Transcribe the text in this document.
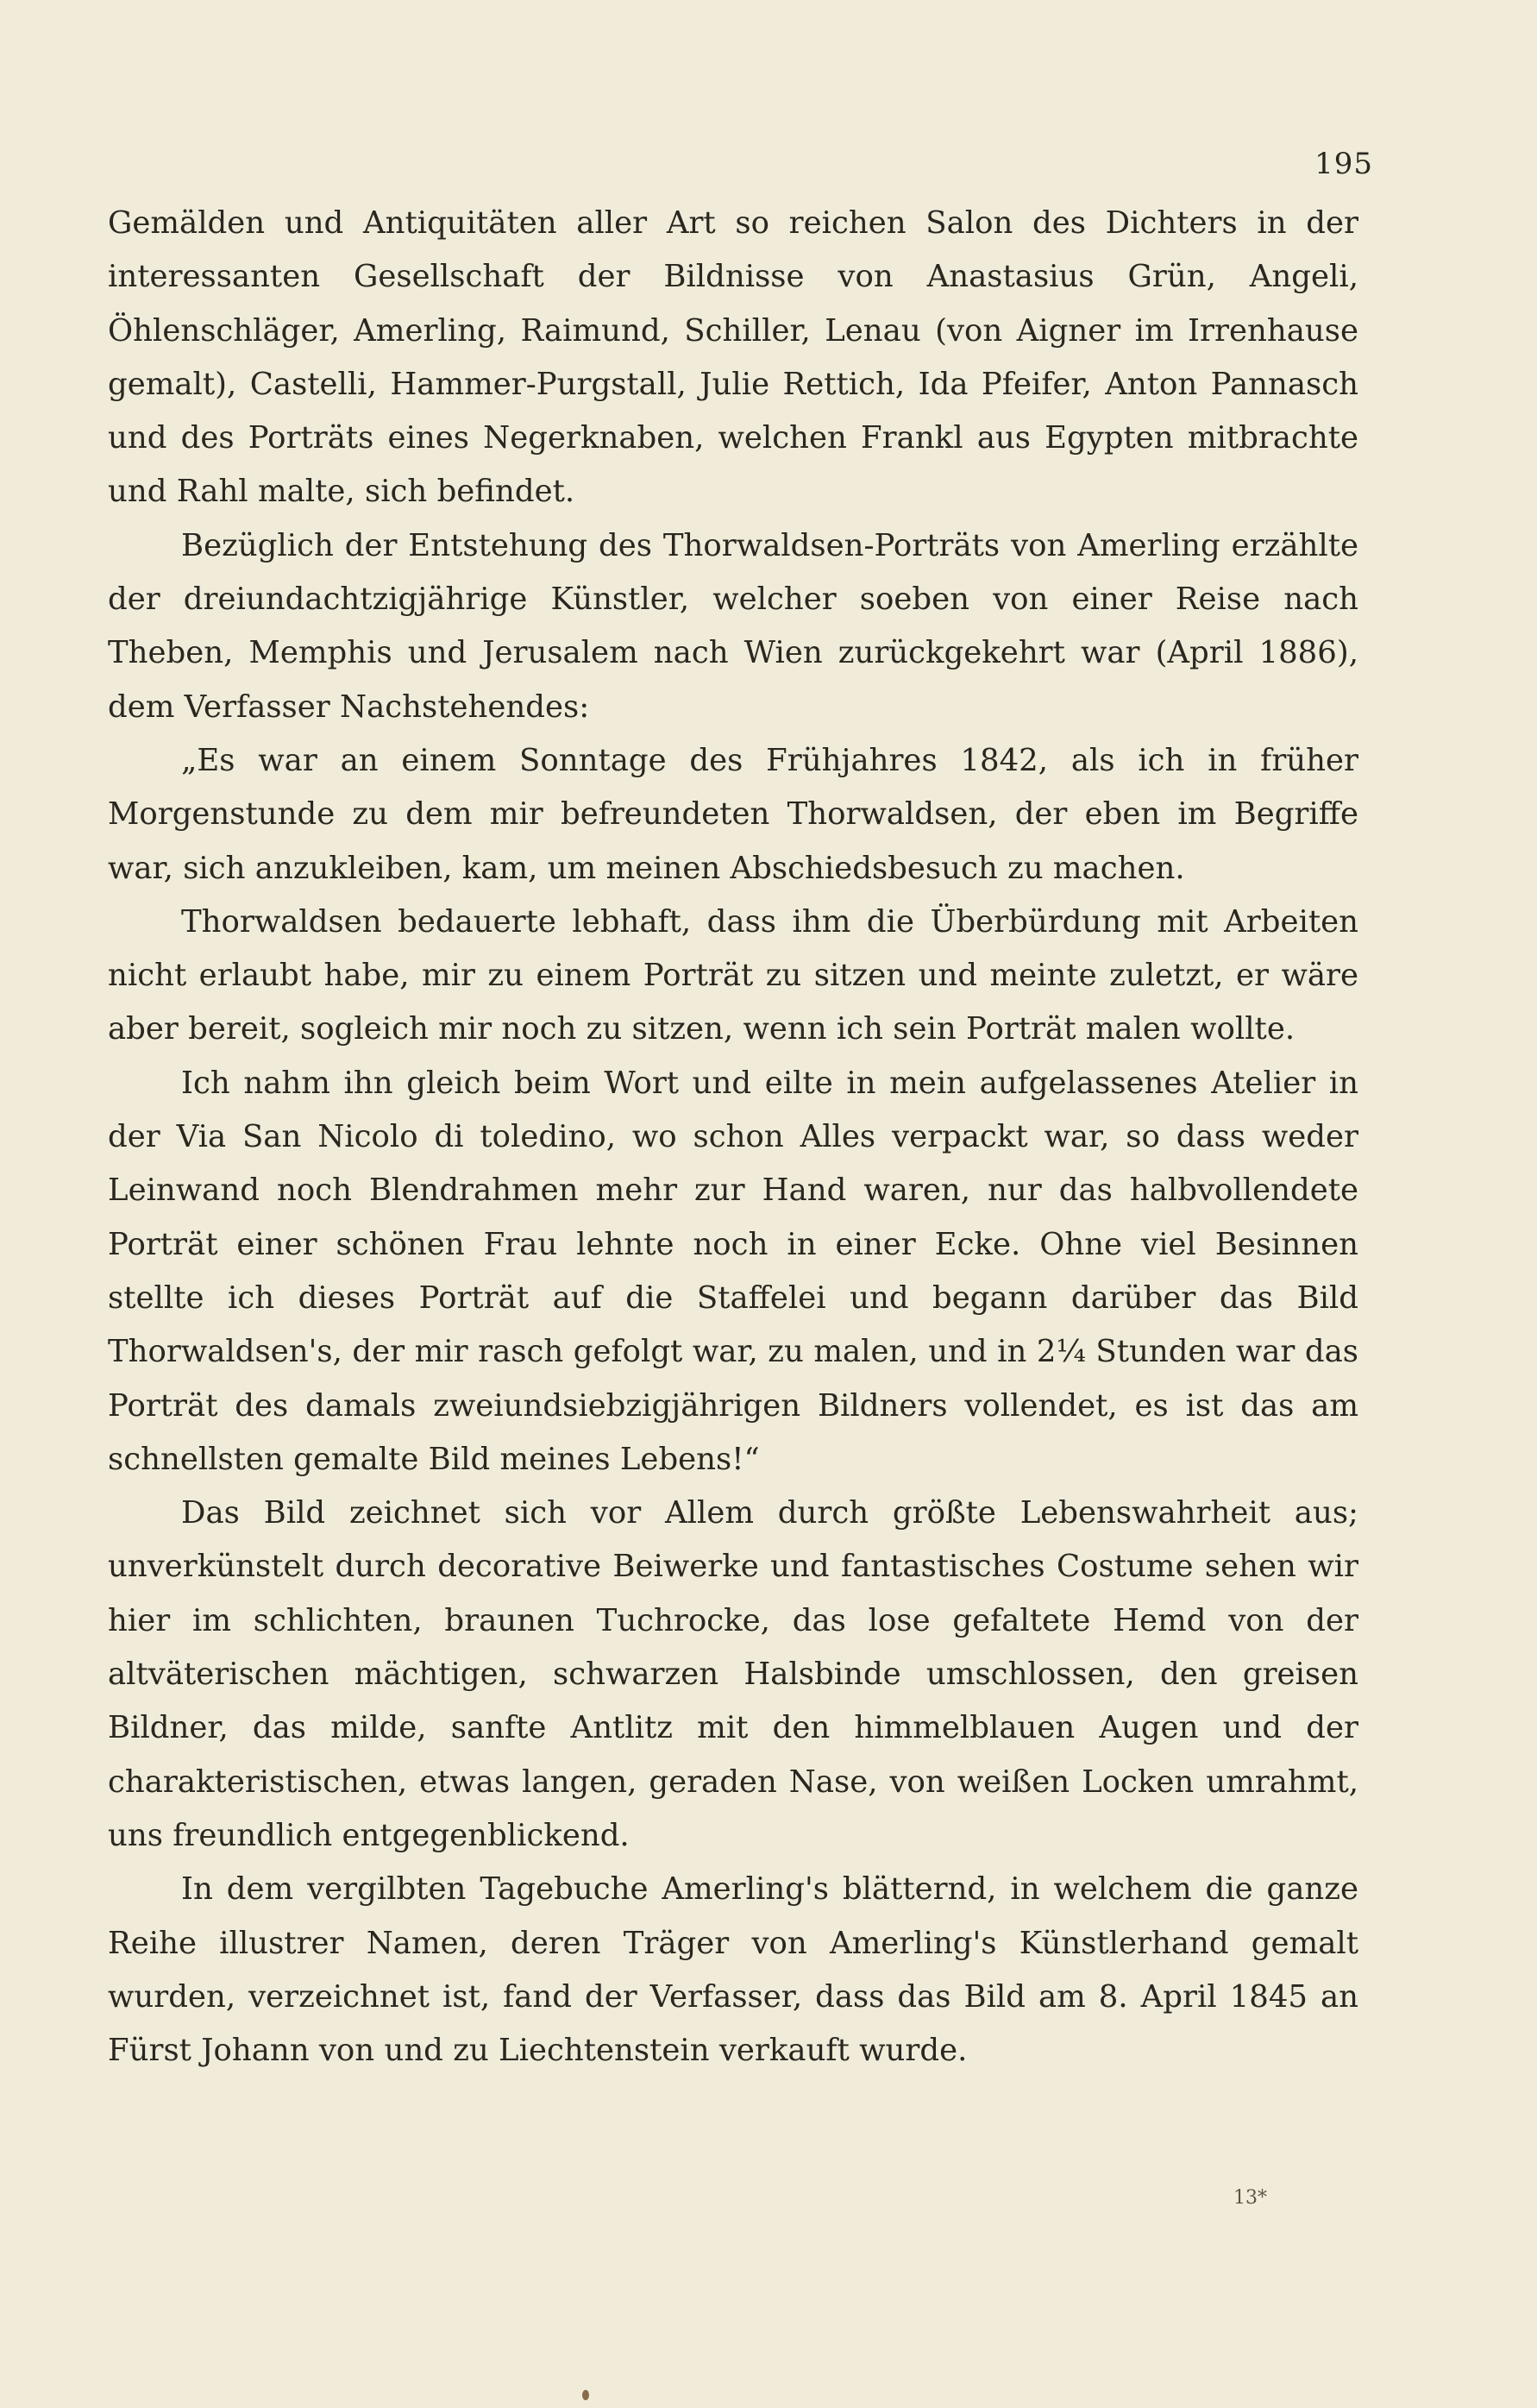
195

Gemälden und Antiquitäten aller Art so reichen Salon des Dichters in der interessanten Gesellschaft der Bildnisse von Anastasius Grün, Angeli, Öhlenschläger, Amerling, Raimund, Schiller, Lenau (von Aigner im Irrenhause gemalt), Castelli, Hammer-Purgstall, Julie Rettich, Ida Pfeifer, Anton Pannasch und des Porträts eines Negerknaben, welchen Frankl aus Egypten mitbrachte und Rahl malte, sich befindet.

Bezüglich der Entstehung des Thorwaldsen-Porträts von Amerling erzählte der dreiundachtzigjährige Künstler, welcher soeben von einer Reise nach Theben, Memphis und Jerusalem nach Wien zurückgekehrt war (April 1886), dem Verfasser Nachstehendes:

„Es war an einem Sonntage des Frühjahres 1842, als ich in früher Morgenstunde zu dem mir befreundeten Thorwaldsen, der eben im Begriffe war, sich anzukleiben, kam, um meinen Abschiedsbesuch zu machen.

Thorwaldsen bedauerte lebhaft, dass ihm die Überbürdung mit Arbeiten nicht erlaubt habe, mir zu einem Porträt zu sitzen und meinte zuletzt, er wäre aber bereit, sogleich mir noch zu sitzen, wenn ich sein Porträt malen wollte.

Ich nahm ihn gleich beim Wort und eilte in mein aufgelassenes Atelier in der Via San Nicolo di toledino, wo schon Alles verpackt war, so dass weder Leinwand noch Blendrahmen mehr zur Hand waren, nur das halbvollendete Porträt einer schönen Frau lehnte noch in einer Ecke. Ohne viel Besinnen stellte ich dieses Porträt auf die Staffelei und begann darüber das Bild Thorwaldsen's, der mir rasch gefolgt war, zu malen, und in 2¼ Stunden war das Porträt des damals zweiundsiebzigjährigen Bildners vollendet, es ist das am schnellsten gemalte Bild meines Lebens!“

Das Bild zeichnet sich vor Allem durch größte Lebenswahrheit aus; unverkünstelt durch decorative Beiwerke und fantastisches Costume sehen wir hier im schlichten, braunen Tuchrocke, das lose gefaltete Hemd von der altväterischen mächtigen, schwarzen Halsbinde umschlossen, den greisen Bildner, das milde, sanfte Antlitz mit den himmelblauen Augen und der charakteristischen, etwas langen, geraden Nase, von weißen Locken umrahmt, uns freundlich entgegenblickend.

In dem vergilbten Tagebuche Amerling's blätternd, in welchem die ganze Reihe illustrer Namen, deren Träger von Amerling's Künstlerhand gemalt wurden, verzeichnet ist, fand der Verfasser, dass das Bild am 8. April 1845 an Fürst Johann von und zu Liechtenstein verkauft wurde.

13*
